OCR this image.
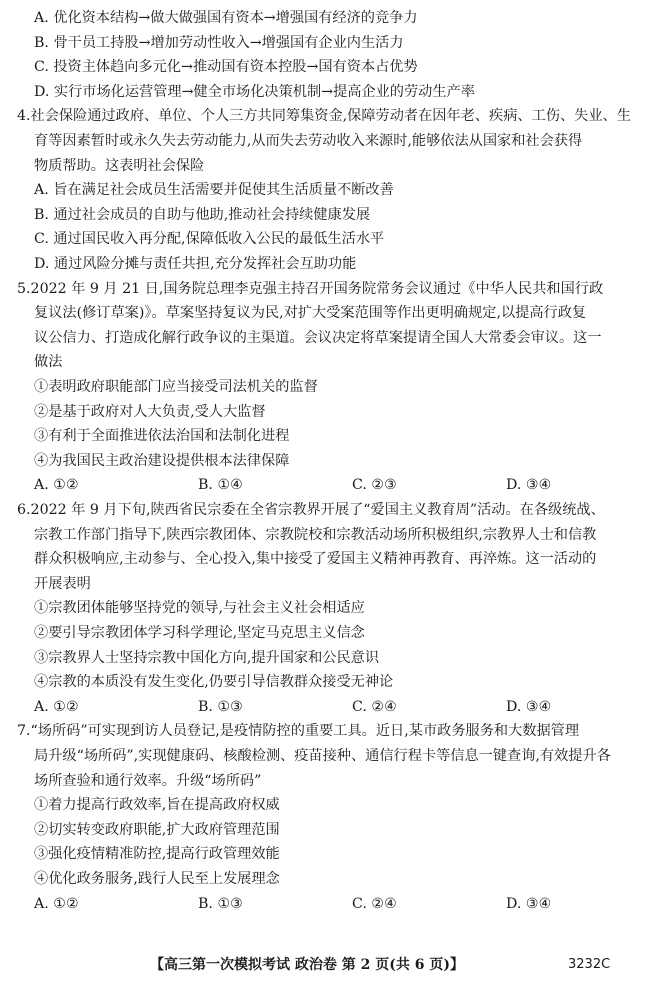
A. 优化资本结构→做大做强国有资本→增强国有经济的竞争力
B. 骨干员工持股→增加劳动性收入→增强国有企业内生活力
C. 投资主体趋向多元化→推动国有资本控股→国有资本占优势
D. 实行市场化运营管理→健全市场化决策机制→提高企业的劳动生产率
4.社会保险通过政府、单位、个人三方共同筹集资金,保障劳动者在因年老、疾病、工伤、失业、生
育等因素暂时或永久失去劳动能力,从而失去劳动收入来源时,能够依法从国家和社会获得
物质帮助。这表明社会保险
A. 旨在满足社会成员生活需要并促使其生活质量不断改善
B. 通过社会成员的自助与他助,推动社会持续健康发展
C. 通过国民收入再分配,保障低收入公民的最低生活水平
D. 通过风险分摊与责任共担,充分发挥社会互助功能
5.2022 年 9 月 21 日,国务院总理李克强主持召开国务院常务会议通过《中华人民共和国行政
复议法(修订草案)》。草案坚持复议为民,对扩大受案范围等作出更明确规定,以提高行政复
议公信力、打造成化解行政争议的主渠道。会议决定将草案提请全国人大常委会审议。这一
做法
①表明政府职能部门应当接受司法机关的监督
②是基于政府对人大负责,受人大监督
③有利于全面推进依法治国和法制化进程
④为我国民主政治建设提供根本法律保障
A. ①②	B. ①④	C. ②③	D. ③④
6.2022 年 9 月下旬,陕西省民宗委在全省宗教界开展了“爱国主义教育周”活动。在各级统战、
宗教工作部门指导下,陕西宗教团体、宗教院校和宗教活动场所积极组织,宗教界人士和信教
群众积极响应,主动参与、全心投入,集中接受了爱国主义精神再教育、再淬炼。这一活动的
开展表明
①宗教团体能够坚持党的领导,与社会主义社会相适应
②要引导宗教团体学习科学理论,坚定马克思主义信念
③宗教界人士坚持宗教中国化方向,提升国家和公民意识
④宗教的本质没有发生变化,仍要引导信教群众接受无神论
A. ①②	B. ①③	C. ②④	D. ③④
7.“场所码”可实现到访人员登记,是疫情防控的重要工具。近日,某市政务服务和大数据管理
局升级“场所码”,实现健康码、核酸检测、疫苗接种、通信行程卡等信息一键查询,有效提升各
场所查验和通行效率。升级“场所码”
①着力提高行政效率,旨在提高政府权威
②切实转变政府职能,扩大政府管理范围
③强化疫情精准防控,提高行政管理效能
④优化政务服务,践行人民至上发展理念
A. ①②	B. ①③	C. ②④	D. ③④
【高三第一次模拟考试 政治卷 第 2 页(共 6 页)】	3232C
